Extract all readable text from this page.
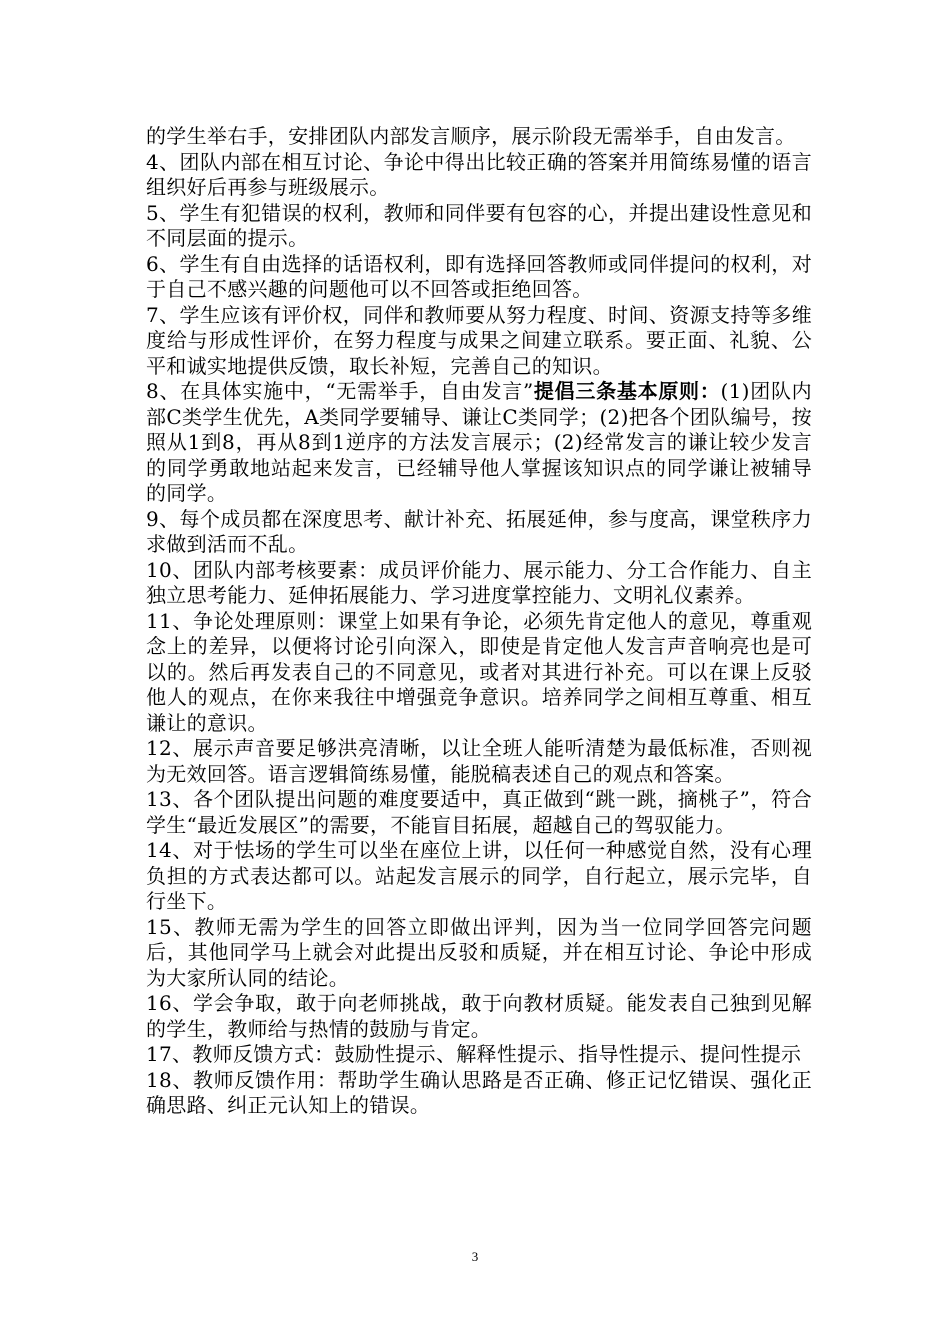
的学生举右手，安排团队内部发言顺序，展示阶段无需举手，自由发言。

4、团队内部在相互讨论、争论中得出比较正确的答案并用简练易懂的语言组织好后再参与班级展示。

5、学生有犯错误的权利，教师和同伴要有包容的心，并提出建设性意见和不同层面的提示。

6、学生有自由选择的话语权利，即有选择回答教师或同伴提问的权利，对于自己不感兴趣的问题他可以不回答或拒绝回答。

7、学生应该有评价权，同伴和教师要从努力程度、时间、资源支持等多维度给与形成性评价，在努力程度与成果之间建立联系。要正面、礼貌、公平和诚实地提供反馈，取长补短，完善自己的知识。

8、在具体实施中，“无需举手，自由发言”提倡三条基本原则：(1)团队内部C类学生优先，A类同学要辅导、谦让C类同学；(2)把各个团队编号，按照从1到8，再从8到1逆序的方法发言展示；(2)经常发言的谦让较少发言的同学勇敢地站起来发言，已经辅导他人掌握该知识点的同学谦让被辅导的同学。

9、每个成员都在深度思考、献计补充、拓展延伸，参与度高，课堂秩序力求做到活而不乱。

10、团队内部考核要素：成员评价能力、展示能力、分工合作能力、自主独立思考能力、延伸拓展能力、学习进度掌控能力、文明礼仪素养。

11、争论处理原则：课堂上如果有争论，必须先肯定他人的意见，尊重观念上的差异，以便将讨论引向深入，即使是肯定他人发言声音响亮也是可以的。然后再发表自己的不同意见，或者对其进行补充。可以在课上反驳他人的观点，在你来我往中增强竞争意识。培养同学之间相互尊重、相互谦让的意识。

12、展示声音要足够洪亮清晰，以让全班人能听清楚为最低标准，否则视为无效回答。语言逻辑简练易懂，能脱稿表述自己的观点和答案。

13、各个团队提出问题的难度要适中，真正做到“跳一跳，摘桃子”，符合学生“最近发展区”的需要，不能盲目拓展，超越自己的驾驭能力。

14、对于怯场的学生可以坐在座位上讲，以任何一种感觉自然，没有心理负担的方式表达都可以。站起发言展示的同学，自行起立，展示完毕，自行坐下。

15、教师无需为学生的回答立即做出评判，因为当一位同学回答完问题后，其他同学马上就会对此提出反驳和质疑，并在相互讨论、争论中形成为大家所认同的结论。

16、学会争取，敢于向老师挑战，敢于向教材质疑。能发表自己独到见解的学生，教师给与热情的鼓励与肯定。

17、教师反馈方式：鼓励性提示、解释性提示、指导性提示、提问性提示

18、教师反馈作用：帮助学生确认思路是否正确、修正记忆错误、强化正确思路、纠正元认知上的错误。

3
